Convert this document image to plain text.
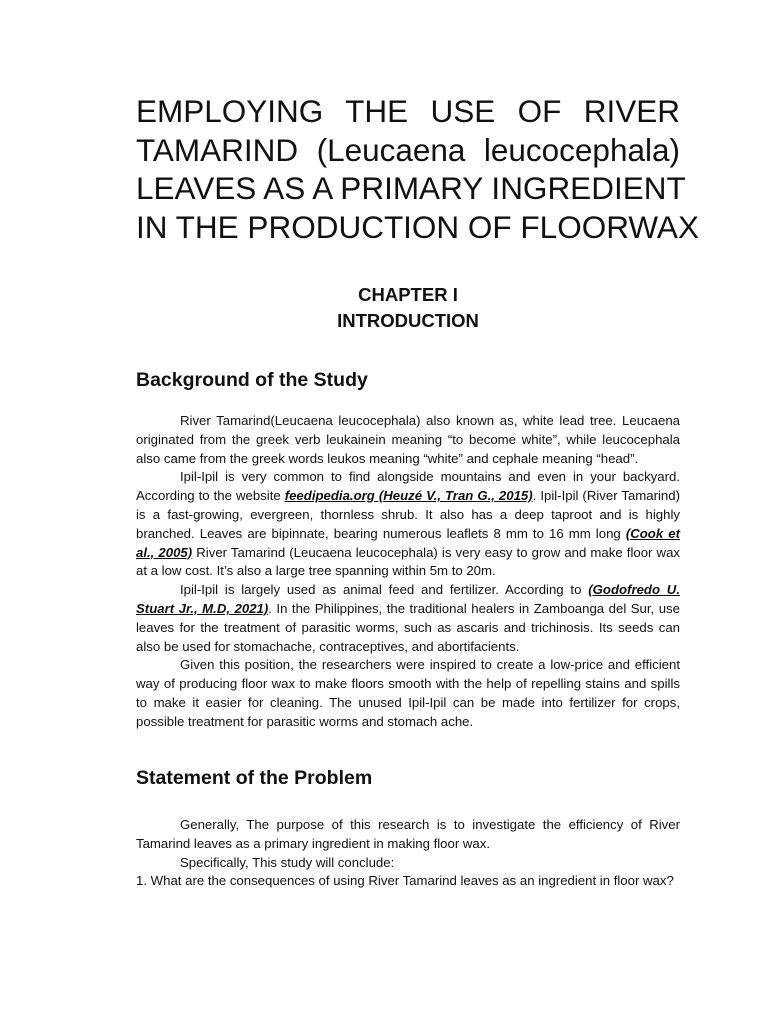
EMPLOYING THE USE OF RIVER
TAMARIND (Leucaena leucocephala)
LEAVES AS A PRIMARY INGREDIENT
IN THE PRODUCTION OF FLOORWAX
CHAPTER I
INTRODUCTION
Background of the Study

River Tamarind(Leucaena leucocephala) also known as, white lead tree. Leucaena originated from the greek verb leukainein meaning “to become white”, while leucocephala also came from the greek words leukos meaning “white” and cephale meaning “head”.

Ipil-Ipil is very common to find alongside mountains and even in your backyard. According to the website feedipedia.org (Heuzé V., Tran G., 2015). Ipil-Ipil (River Tamarind) is a fast-growing, evergreen, thornless shrub. It also has a deep taproot and is highly branched. Leaves are bipinnate, bearing numerous leaflets 8 mm to 16 mm long (Cook et al., 2005) River Tamarind (Leucaena leucocephala) is very easy to grow and make floor wax at a low cost. It’s also a large tree spanning within 5m to 20m.

Ipil-Ipil is largely used as animal feed and fertilizer. According to (Godofredo U. Stuart Jr., M.D, 2021). In the Philippines, the traditional healers in Zamboanga del Sur, use leaves for the treatment of parasitic worms, such as ascaris and trichinosis. Its seeds can also be used for stomachache, contraceptives, and abortifacients.

Given this position, the researchers were inspired to create a low-price and efficient way of producing floor wax to make floors smooth with the help of repelling stains and spills to make it easier for cleaning. The unused Ipil-Ipil can be made into fertilizer for crops, possible treatment for parasitic worms and stomach ache.

Statement of the Problem

Generally, The purpose of this research is to investigate the efficiency of River Tamarind leaves as a primary ingredient in making floor wax.

Specifically, This study will conclude:

1. What are the consequences of using River Tamarind leaves as an ingredient in floor wax?
